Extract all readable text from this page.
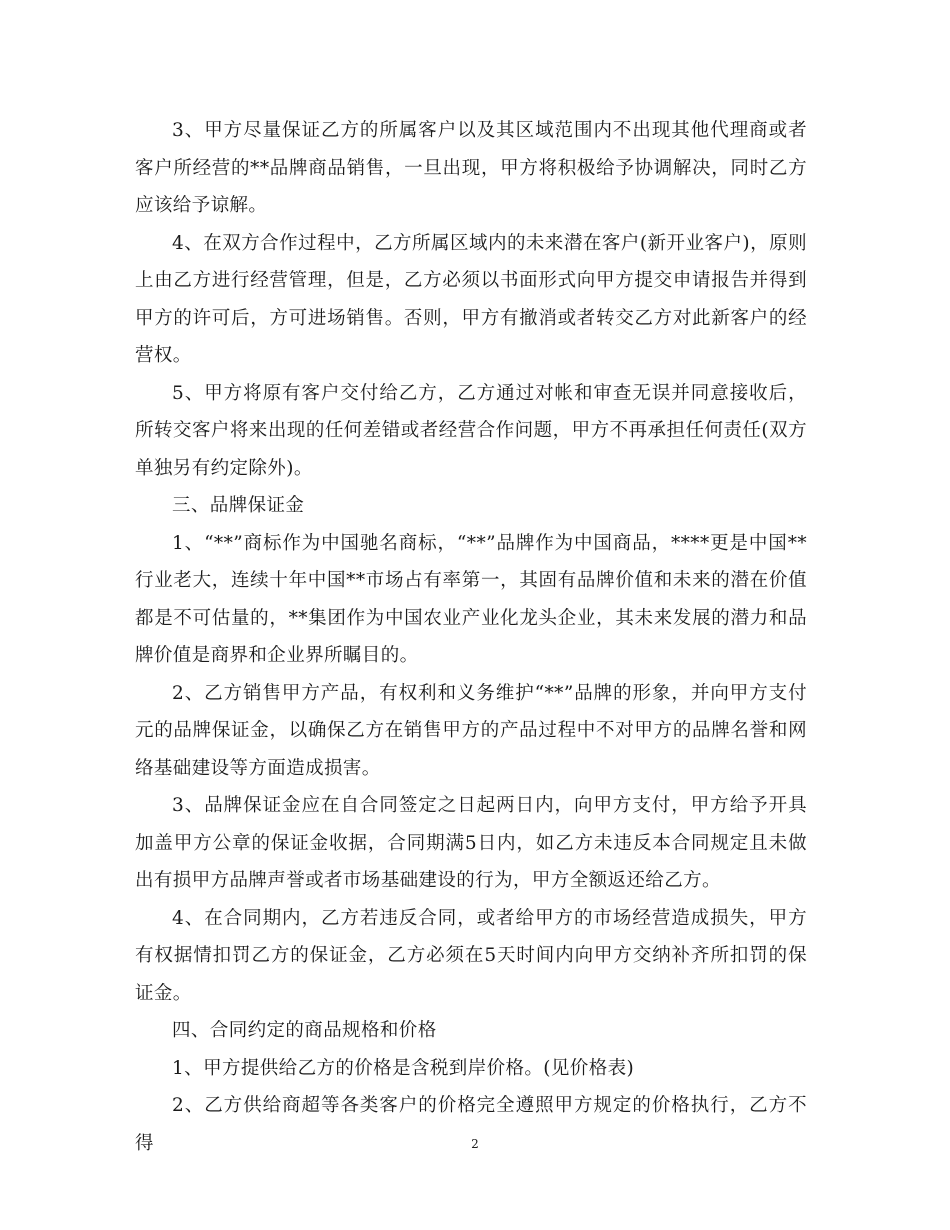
3、甲方尽量保证乙方的所属客户以及其区域范围内不出现其他代理商或者客户所经营的**品牌商品销售，一旦出现，甲方将积极给予协调解决，同时乙方应该给予谅解。

4、在双方合作过程中，乙方所属区域内的未来潜在客户(新开业客户)，原则上由乙方进行经营管理，但是，乙方必须以书面形式向甲方提交申请报告并得到甲方的许可后，方可进场销售。否则，甲方有撤消或者转交乙方对此新客户的经营权。

5、甲方将原有客户交付给乙方，乙方通过对帐和审查无误并同意接收后，所转交客户将来出现的任何差错或者经营合作问题，甲方不再承担任何责任(双方单独另有约定除外)。

三、品牌保证金

1、“**”商标作为中国驰名商标，“**”品牌作为中国商品，****更是中国**行业老大，连续十年中国**市场占有率第一，其固有品牌价值和未来的潜在价值都是不可估量的，**集团作为中国农业产业化龙头企业，其未来发展的潜力和品牌价值是商界和企业界所瞩目的。

2、乙方销售甲方产品，有权利和义务维护“**”品牌的形象，并向甲方支付元的品牌保证金，以确保乙方在销售甲方的产品过程中不对甲方的品牌名誉和网络基础建设等方面造成损害。

3、品牌保证金应在自合同签定之日起两日内，向甲方支付，甲方给予开具加盖甲方公章的保证金收据，合同期满5日内，如乙方未违反本合同规定且未做出有损甲方品牌声誉或者市场基础建设的行为，甲方全额返还给乙方。

4、在合同期内，乙方若违反合同，或者给甲方的市场经营造成损失，甲方有权据情扣罚乙方的保证金，乙方必须在5天时间内向甲方交纳补齐所扣罚的保证金。

四、合同约定的商品规格和价格

1、甲方提供给乙方的价格是含税到岸价格。(见价格表)

2、乙方供给商超等各类客户的价格完全遵照甲方规定的价格执行，乙方不得	2
